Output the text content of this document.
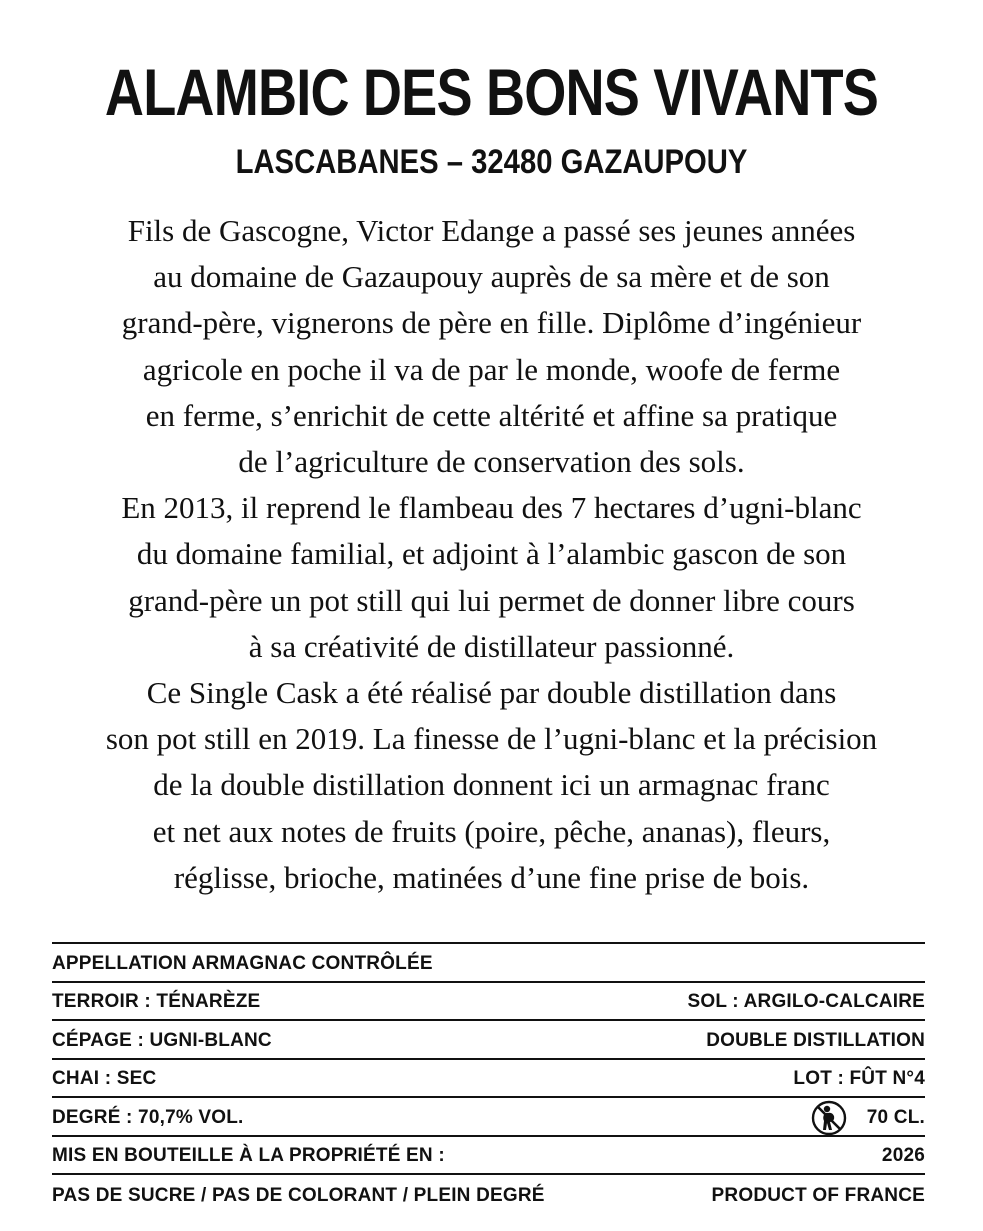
ALAMBIC DES BONS VIVANTS
LASCABANES – 32480 GAZAUPOUY
Fils de Gascogne, Victor Edange a passé ses jeunes années
au domaine de Gazaupouy auprès de sa mère et de son
grand-père, vignerons de père en fille. Diplôme d’ingénieur
agricole en poche il va de par le monde, woofe de ferme
en ferme, s’enrichit de cette altérité et affine sa pratique
de l’agriculture de conservation des sols.
En 2013, il reprend le flambeau des 7 hectares d’ugni-blanc
du domaine familial, et adjoint à l’alambic gascon de son
grand-père un pot still qui lui permet de donner libre cours
à sa créativité de distillateur passionné.
Ce Single Cask a été réalisé par double distillation dans
son pot still en 2019. La finesse de l’ugni-blanc et la précision
de la double distillation donnent ici un armagnac franc
et net aux notes de fruits (poire, pêche, ananas), fleurs,
réglisse, brioche, matinées d’une fine prise de bois.
APPELLATION ARMAGNAC CONTRÔLÉE
TERROIR : TÉNARÈZE	SOL : ARGILO-CALCAIRE
CÉPAGE : UGNI-BLANC	DOUBLE DISTILLATION
CHAI : SEC	LOT : FÛT N°4
DEGRÉ : 70,7% VOL.	70 CL.
MIS EN BOUTEILLE À LA PROPRIÉTÉ EN :	2026
PAS DE SUCRE / PAS DE COLORANT / PLEIN DEGRÉ	PRODUCT OF FRANCE
